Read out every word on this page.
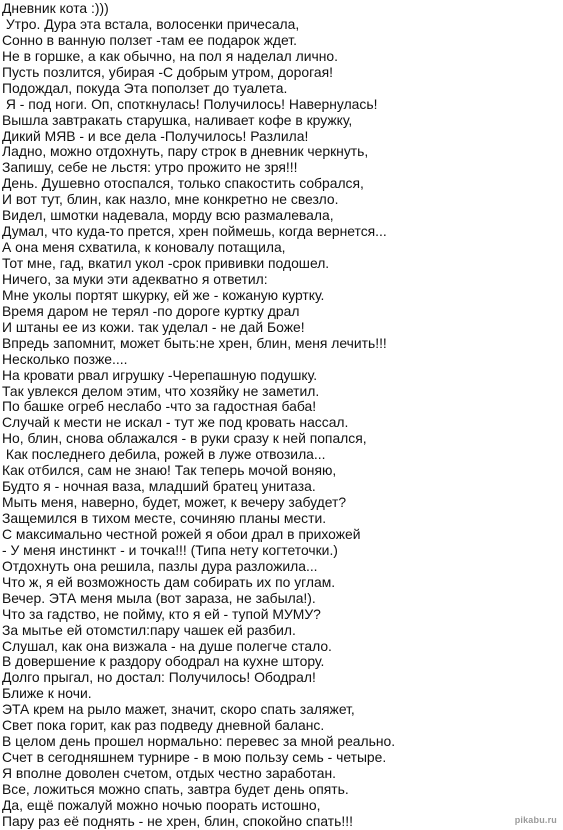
Дневник кота :)))
Утро. Дура эта встала, волосенки причесала,
Сонно в ванную ползет -там ее подарок ждет.
Не в горшке, а как обычно, на пол я наделал лично.
Пусть позлится, убирая -С добрым утром, дорогая!
Подождал, покуда Эта поползет до туалета.
Я - под ноги. Оп, споткнулась! Получилось! Навернулась!
Вышла завтракать старушка, наливает кофе в кружку,
Дикий МЯВ - и все дела -Получилось! Разлила!
Ладно, можно отдохнуть, пару строк в дневник черкнуть,
Запишу, себе не льстя: утро прожито не зря!!!
День. Душевно отоспался, только спакостить собрался,
И вот тут, блин, как назло, мне конкретно не свезло.
Видел, шмотки надевала, морду всю размалевала,
Думал, что куда-то прется, хрен поймешь, когда вернется...
А она меня схватила, к коновалу потащила,
Тот мне, гад, вкатил укол -срок прививки подошел.
Ничего, за муки эти адекватно я ответил:
Мне уколы портят шкурку, ей же - кожаную куртку.
Время даром не терял -по дороге куртку драл
И штаны ее из кожи. так уделал - не дай Боже!
Впредь запомнит, может быть:не хрен, блин, меня лечить!!!
Несколько позже....
На кровати рвал игрушку -Черепашную подушку.
Так увлекся делом этим, что хозяйку не заметил.
По башке огреб неслабо -что за гадостная баба!
Случай к мести не искал - тут же под кровать нассал.
Но, блин, снова облажался - в руки сразу к ней попался,
Как последнего дебила, рожей в луже отвозила...
Как отбился, сам не знаю! Так теперь мочой воняю,
Будто я - ночная ваза, младший братец унитаза.
Мыть меня, наверно, будет, может, к вечеру забудет?
Защемился в тихом месте, сочиняю планы мести.
С максимально честной рожей я обои драл в прихожей
- У меня инстинкт - и точка!!! (Типа нету когтеточки.)
Отдохнуть она решила, пазлы дура разложила...
Что ж, я ей возможность дам собирать их по углам.
Вечер. ЭТА меня мыла (вот зараза, не забыла!).
Что за гадство, не пойму, кто я ей - тупой МУМУ?
За мытье ей отомстил:пару чашек ей разбил.
Слушал, как она визжала - на душе полегче стало.
В довершение к раздору ободрал на кухне штору.
Долго прыгал, но достал: Получилось! Ободрал!
Ближе к ночи.
ЭТА крем на рыло мажет, значит, скоро спать заляжет,
Свет пока горит, как раз подведу дневной баланс.
В целом день прошел нормально: перевес за мной реально.
Счет в сегодняшнем турнире - в мою пользу семь - четыре.
Я вполне доволен счетом, отдых честно заработан.
Все, ложиться можно спать, завтра будет день опять.
Да, ещё пожалуй можно ночью поорать истошно,
Пару раз её поднять - не хрен, блин, спокойно спать!!!	pikabu.ru
